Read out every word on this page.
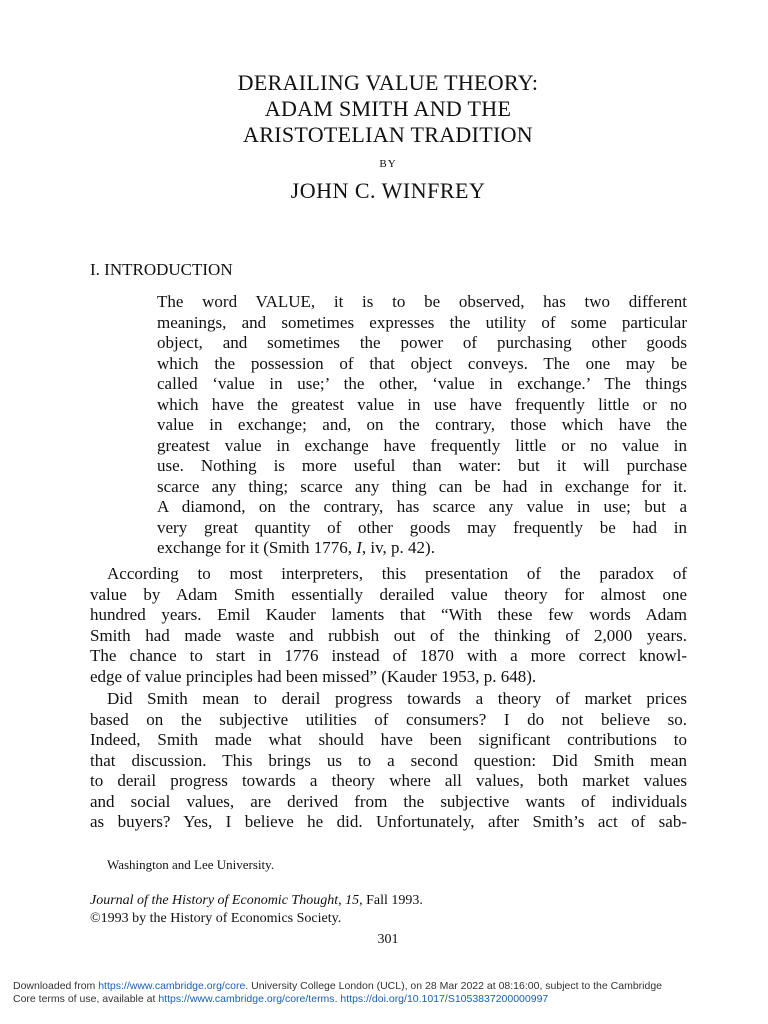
DERAILING VALUE THEORY:
ADAM SMITH AND THE
ARISTOTELIAN TRADITION
BY
JOHN C. WINFREY
I. INTRODUCTION
The word VALUE, it is to be observed, has two different
meanings, and sometimes expresses the utility of some particular
object, and sometimes the power of purchasing other goods
which the possession of that object conveys. The one may be
called ‘value in use;’ the other, ‘value in exchange.’ The things
which have the greatest value in use have frequently little or no
value in exchange; and, on the contrary, those which have the
greatest value in exchange have frequently little or no value in
use. Nothing is more useful than water: but it will purchase
scarce any thing; scarce any thing can be had in exchange for it.
A diamond, on the contrary, has scarce any value in use; but a
very great quantity of other goods may frequently be had in
exchange for it (Smith 1776, I, iv, p. 42).
According to most interpreters, this presentation of the paradox of
value by Adam Smith essentially derailed value theory for almost one
hundred years. Emil Kauder laments that “With these few words Adam
Smith had made waste and rubbish out of the thinking of 2,000 years.
The chance to start in 1776 instead of 1870 with a more correct knowl-
edge of value principles had been missed” (Kauder 1953, p. 648).
Did Smith mean to derail progress towards a theory of market prices
based on the subjective utilities of consumers? I do not believe so.
Indeed, Smith made what should have been significant contributions to
that discussion. This brings us to a second question: Did Smith mean
to derail progress towards a theory where all values, both market values
and social values, are derived from the subjective wants of individuals
as buyers? Yes, I believe he did. Unfortunately, after Smith’s act of sab-
Washington and Lee University.
Journal of the History of Economic Thought, 15, Fall 1993.
©1993 by the History of Economics Society.
301
Downloaded from https://www.cambridge.org/core. University College London (UCL), on 28 Mar 2022 at 08:16:00, subject to the Cambridge
Core terms of use, available at https://www.cambridge.org/core/terms. https://doi.org/10.1017/S1053837200000997
